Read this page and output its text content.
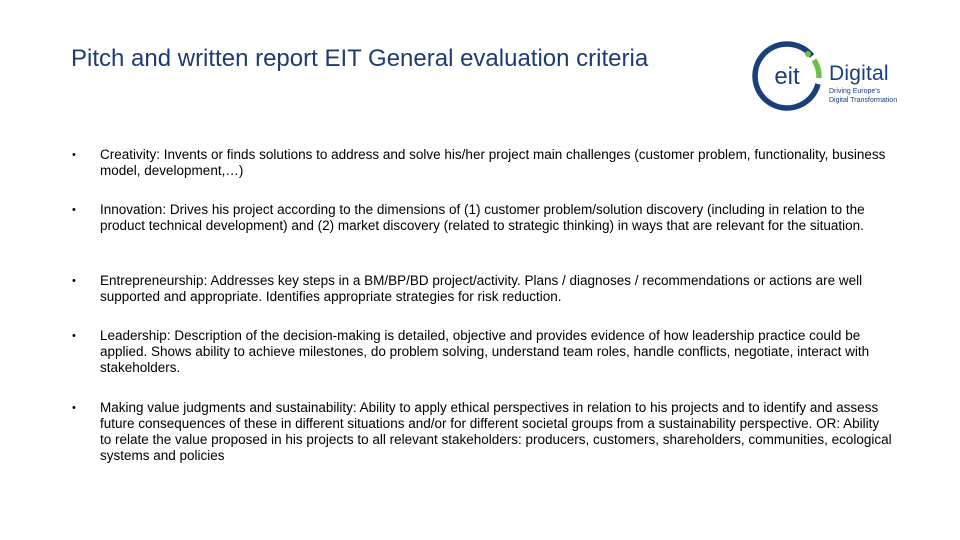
Pitch and written report EIT General evaluation criteria
eit Digital
Driving Europe's
Digital Transformation
•	Creativity: Invents or finds solutions to address and solve his/her project main challenges (customer problem, functionality, business model, development,…)
•	Innovation: Drives his project according to the dimensions of (1) customer problem/solution discovery (including in relation to the product technical development) and (2) market discovery (related to strategic thinking) in ways that are relevant for the situation.
•	Entrepreneurship: Addresses key steps in a BM/BP/BD project/activity. Plans / diagnoses / recommendations or actions are well supported and appropriate. Identifies appropriate strategies for risk reduction.
•	Leadership: Description of the decision-making is detailed, objective and provides evidence of how leadership practice could be applied. Shows ability to achieve milestones, do problem solving, understand team roles, handle conflicts, negotiate, interact with stakeholders.
•	Making value judgments and sustainability: Ability to apply ethical perspectives in relation to his projects and to identify and assess future consequences of these in different situations and/or for different societal groups from a sustainability perspective. OR: Ability to relate the value proposed in his projects to all relevant stakeholders: producers, customers, shareholders, communities, ecological systems and policies
